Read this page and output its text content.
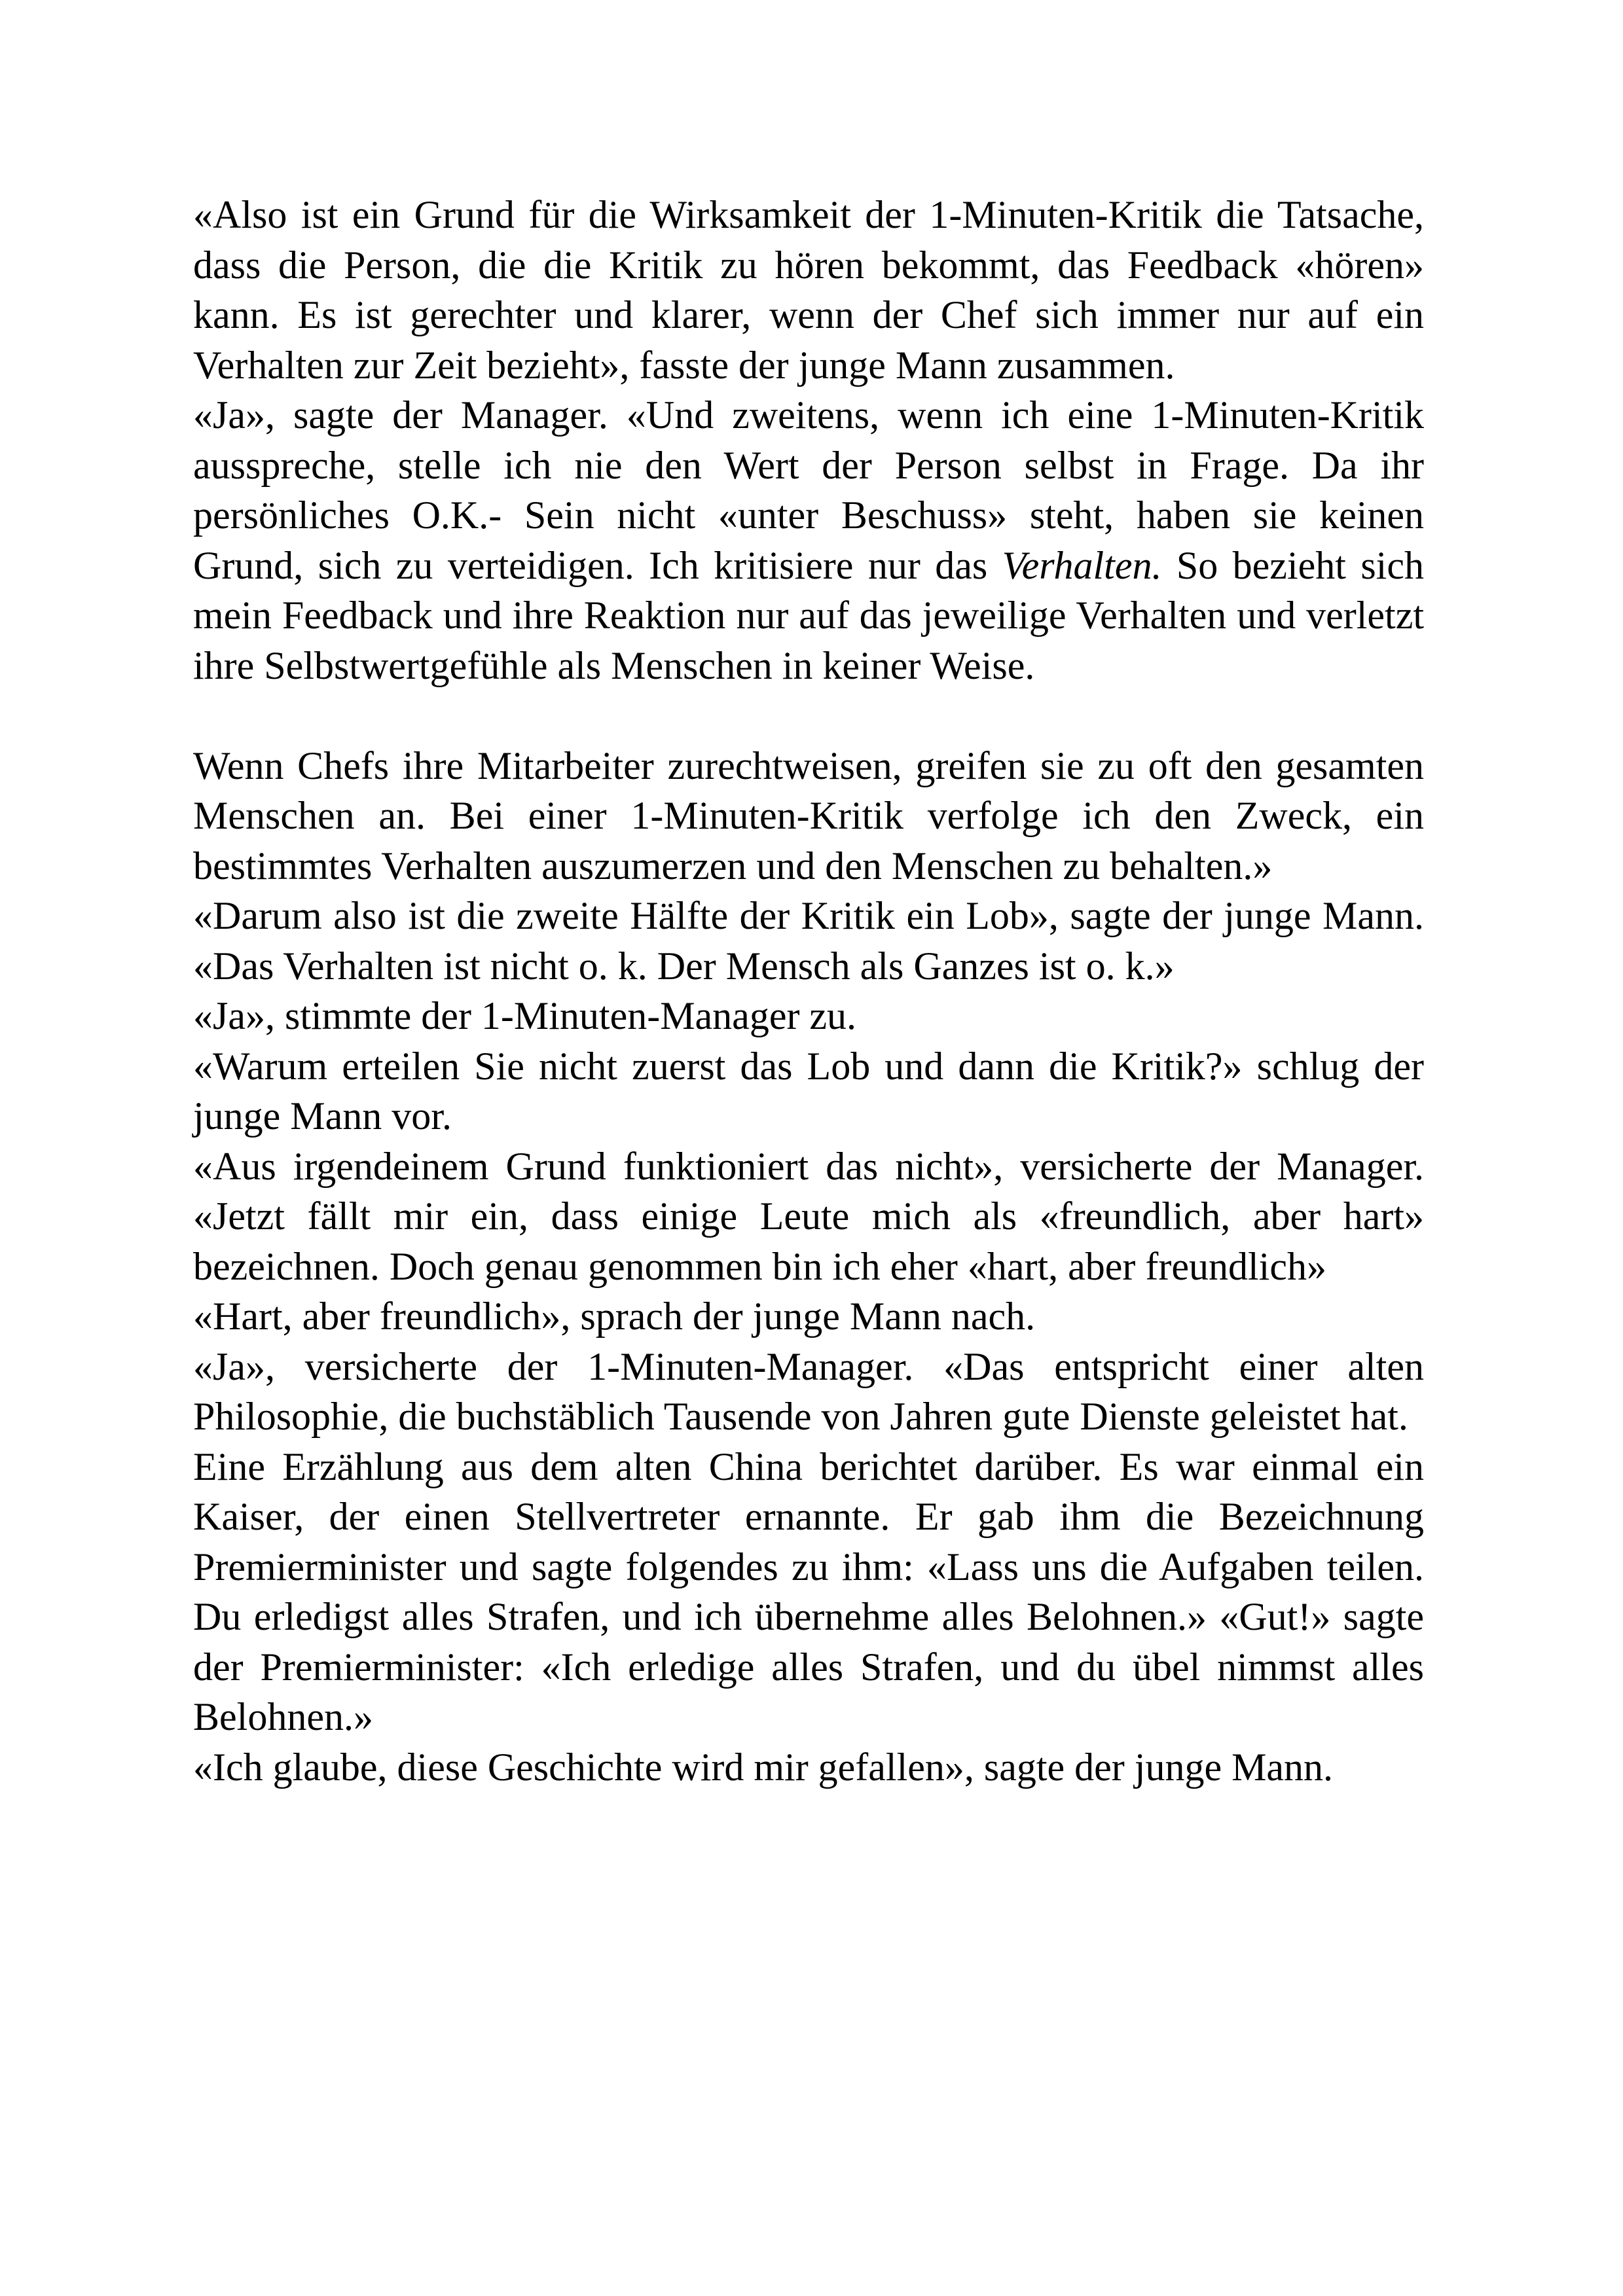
«Also ist ein Grund für die Wirksamkeit der 1-Minuten-Kritik die Tatsache, dass die Person, die die Kritik zu hören bekommt, das Feedback «hören» kann. Es ist gerechter und klarer, wenn der Chef sich immer nur auf ein Verhalten zur Zeit bezieht», fasste der junge Mann zusammen.

«Ja», sagte der Manager. «Und zweitens, wenn ich eine 1-Minuten-Kritik ausspreche, stelle ich nie den Wert der Person selbst in Frage. Da ihr persönliches O.K.- Sein nicht «unter Beschuss» steht, haben sie keinen Grund, sich zu verteidigen. Ich kritisiere nur das Verhalten. So bezieht sich mein Feedback und ihre Reaktion nur auf das jeweilige Verhalten und verletzt ihre Selbstwertgefühle als Menschen in keiner Weise.

Wenn Chefs ihre Mitarbeiter zurechtweisen, greifen sie zu oft den gesamten Menschen an. Bei einer 1-Minuten-Kritik verfolge ich den Zweck, ein bestimmtes Verhalten auszumerzen und den Menschen zu behalten.»

«Darum also ist die zweite Hälfte der Kritik ein Lob», sagte der junge Mann. «Das Verhalten ist nicht o. k. Der Mensch als Ganzes ist o. k.»

«Ja», stimmte der 1-Minuten-Manager zu.

«Warum erteilen Sie nicht zuerst das Lob und dann die Kritik?» schlug der junge Mann vor.

«Aus irgendeinem Grund funktioniert das nicht», versicherte der Manager. «Jetzt fällt mir ein, dass einige Leute mich als «freundlich, aber hart» bezeichnen. Doch genau genommen bin ich eher «hart, aber freundlich»

«Hart, aber freundlich», sprach der junge Mann nach.

«Ja», versicherte der 1-Minuten-Manager. «Das entspricht einer alten Philosophie, die buchstäblich Tausende von Jahren gute Dienste geleistet hat.

Eine Erzählung aus dem alten China berichtet darüber. Es war einmal ein Kaiser, der einen Stellvertreter ernannte. Er gab ihm die Bezeichnung Premierminister und sagte folgendes zu ihm: «Lass uns die Aufgaben teilen. Du erledigst alles Strafen, und ich übernehme alles Belohnen.» «Gut!» sagte der Premierminister: «Ich erledige alles Strafen, und du übel nimmst alles Belohnen.»

«Ich glaube, diese Geschichte wird mir gefallen», sagte der junge Mann.
